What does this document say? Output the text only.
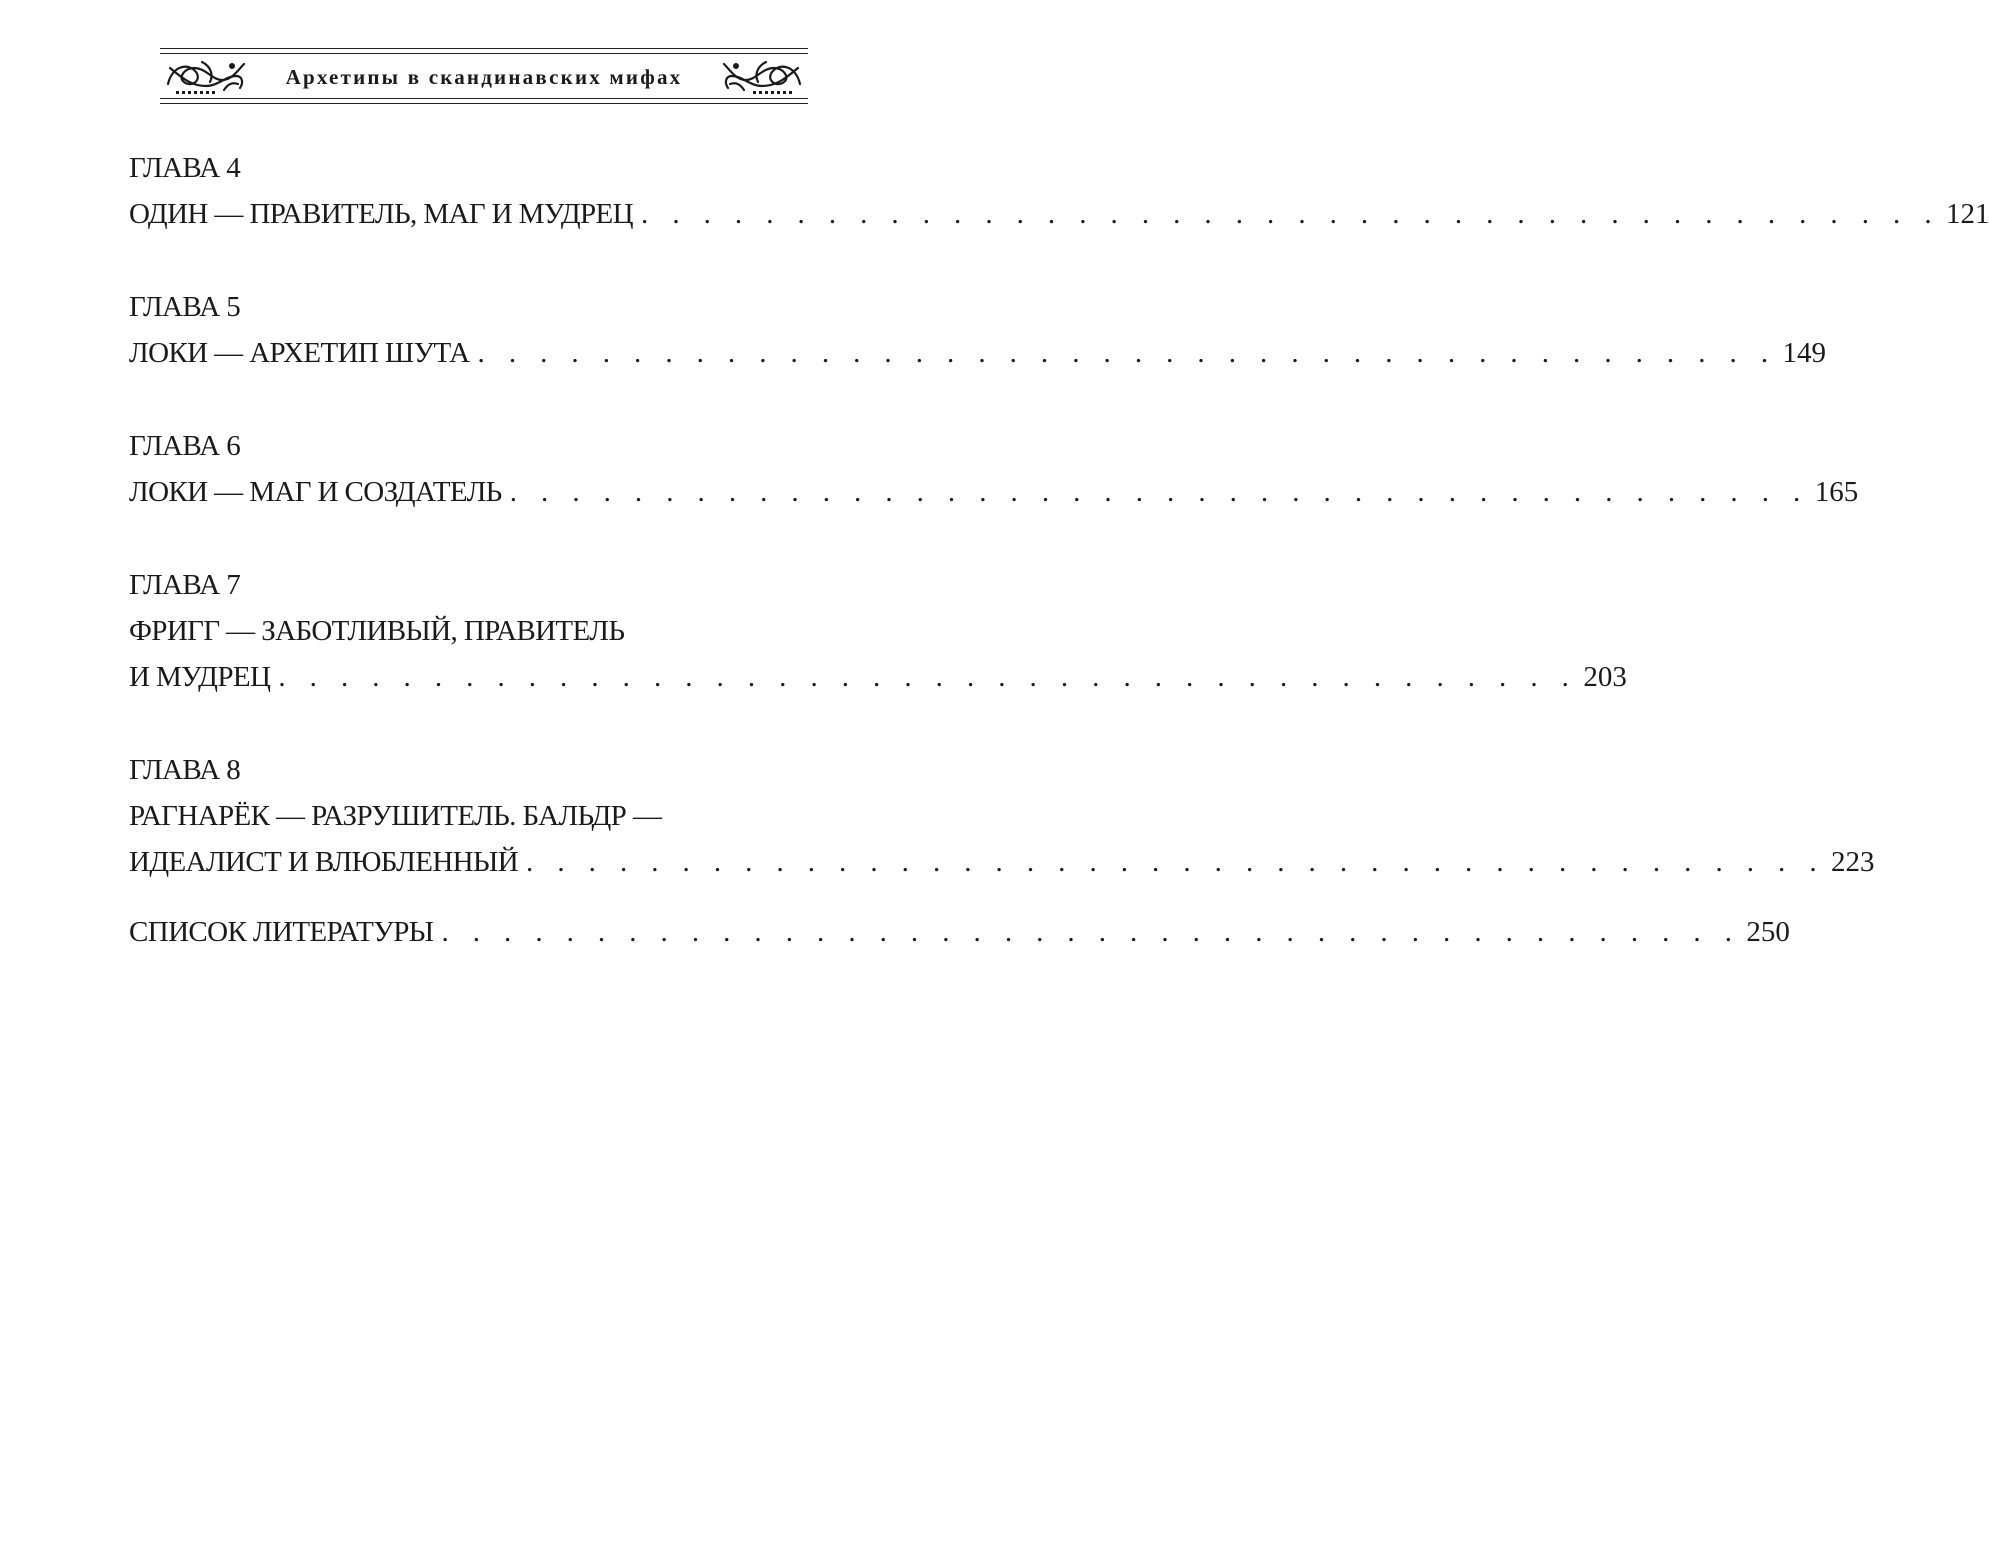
Архетипы в скандинавских мифах
ГЛАВА 4
ОДИН — ПРАВИТЕЛЬ, МАГ И МУДРЕЦ . . . . . . . . . . . . . . . . . . . . . . . . . . . . . . . . . . . . . . . . . . 121
ГЛАВА 5
ЛОКИ — АРХЕТИП ШУТА . . . . . . . . . . . . . . . . . . . . . . . . . . . . . . . . . . . . . . . . . . 149
ГЛАВА 6
ЛОКИ — МАГ И СОЗДАТЕЛЬ . . . . . . . . . . . . . . . . . . . . . . . . . . . . . . . . . . . . . . . . . . 165
ГЛАВА 7
ФРИГГ — ЗАБОТЛИВЫЙ, ПРАВИТЕЛЬ
И МУДРЕЦ . . . . . . . . . . . . . . . . . . . . . . . . . . . . . . . . . . . . . . . . . . 203
ГЛАВА 8
РАГНАРЁК — РАЗРУШИТЕЛЬ. БАЛЬДР —
ИДЕАЛИСТ И ВЛЮБЛЕННЫЙ . . . . . . . . . . . . . . . . . . . . . . . . . . . . . . . . . . . . . . . . . . 223
СПИСОК ЛИТЕРАТУРЫ . . . . . . . . . . . . . . . . . . . . . . . . . . . . . . . . . . . . . . . . . . 250
